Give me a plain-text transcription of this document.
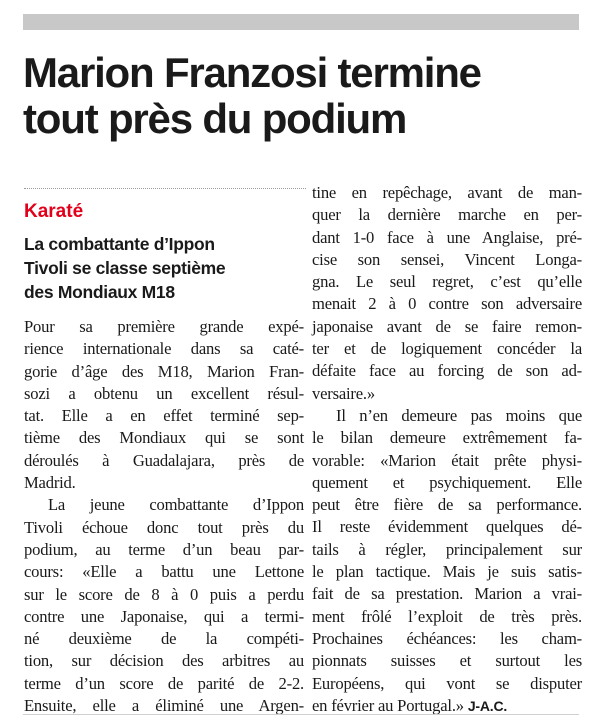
Marion Franzosi termine
tout près du podium
Karaté

La combattante d’Ippon
Tivoli se classe septième
des Mondiaux M18

Pour sa première grande expé-
rience internationale dans sa caté-
gorie d’âge des M18, Marion Fran-
sozi a obtenu un excellent résul-
tat. Elle a en effet terminé sep-
tième des Mondiaux qui se sont
déroulés à Guadalajara, près de
Madrid.
La jeune combattante d’Ippon
Tivoli échoue donc tout près du
podium, au terme d’un beau par-
cours: «Elle a battu une Lettone
sur le score de 8 à 0 puis a perdu
contre une Japonaise, qui a termi-
né deuxième de la compéti-
tion, sur décision des arbitres au
terme d’un score de parité de 2-2.
Ensuite, elle a éliminé une Argen-
tine en repêchage, avant de man-
quer la dernière marche en per-
dant 1-0 face à une Anglaise, pré-
cise son sensei, Vincent Longa-
gna. Le seul regret, c’est qu’elle
menait 2 à 0 contre son adversaire
japonaise avant de se faire remon-
ter et de logiquement concéder la
défaite face au forcing de son ad-
versaire.»
Il n’en demeure pas moins que
le bilan demeure extrêmement fa-
vorable: «Marion était prête physi-
quement et psychiquement. Elle
peut être fière de sa performance.
Il reste évidemment quelques dé-
tails à régler, principalement sur
le plan tactique. Mais je suis satis-
fait de sa prestation. Marion a vrai-
ment frôlé l’exploit de très près.
Prochaines échéances: les cham-
pionnats suisses et surtout les
Européens, qui vont se disputer
en février au Portugal.» J-A.C.
